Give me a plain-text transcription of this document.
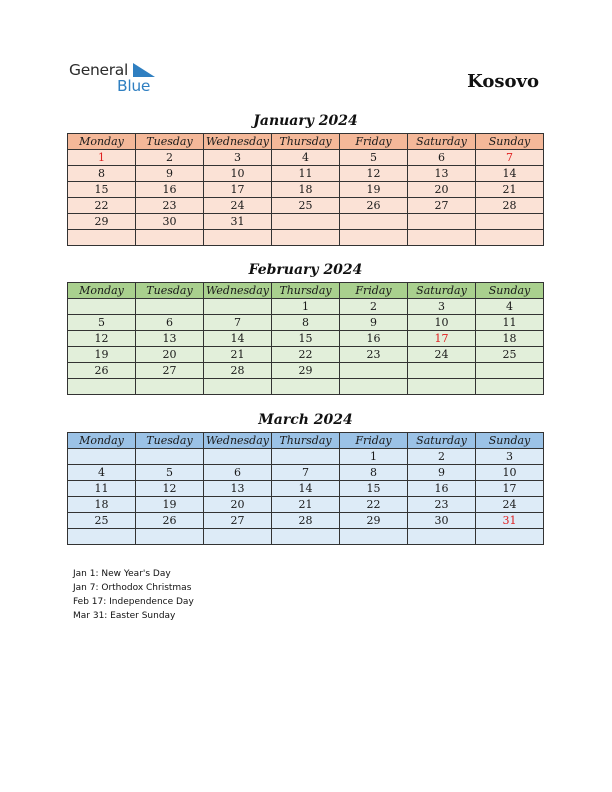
General
Blue	Kosovo
January 2024
Monday	Tuesday	Wednesday	Thursday	Friday	Saturday	Sunday
1	2	3	4	5	6	7
8	9	10	11	12	13	14
15	16	17	18	19	20	21
22	23	24	25	26	27	28
29	30	31				

February 2024
Monday	Tuesday	Wednesday	Thursday	Friday	Saturday	Sunday
			1	2	3	4
5	6	7	8	9	10	11
12	13	14	15	16	17	18
19	20	21	22	23	24	25
26	27	28	29			

March 2024
Monday	Tuesday	Wednesday	Thursday	Friday	Saturday	Sunday
				1	2	3
4	5	6	7	8	9	10
11	12	13	14	15	16	17
18	19	20	21	22	23	24
25	26	27	28	29	30	31

Jan 1: New Year's Day
Jan 7: Orthodox Christmas
Feb 17: Independence Day
Mar 31: Easter Sunday
